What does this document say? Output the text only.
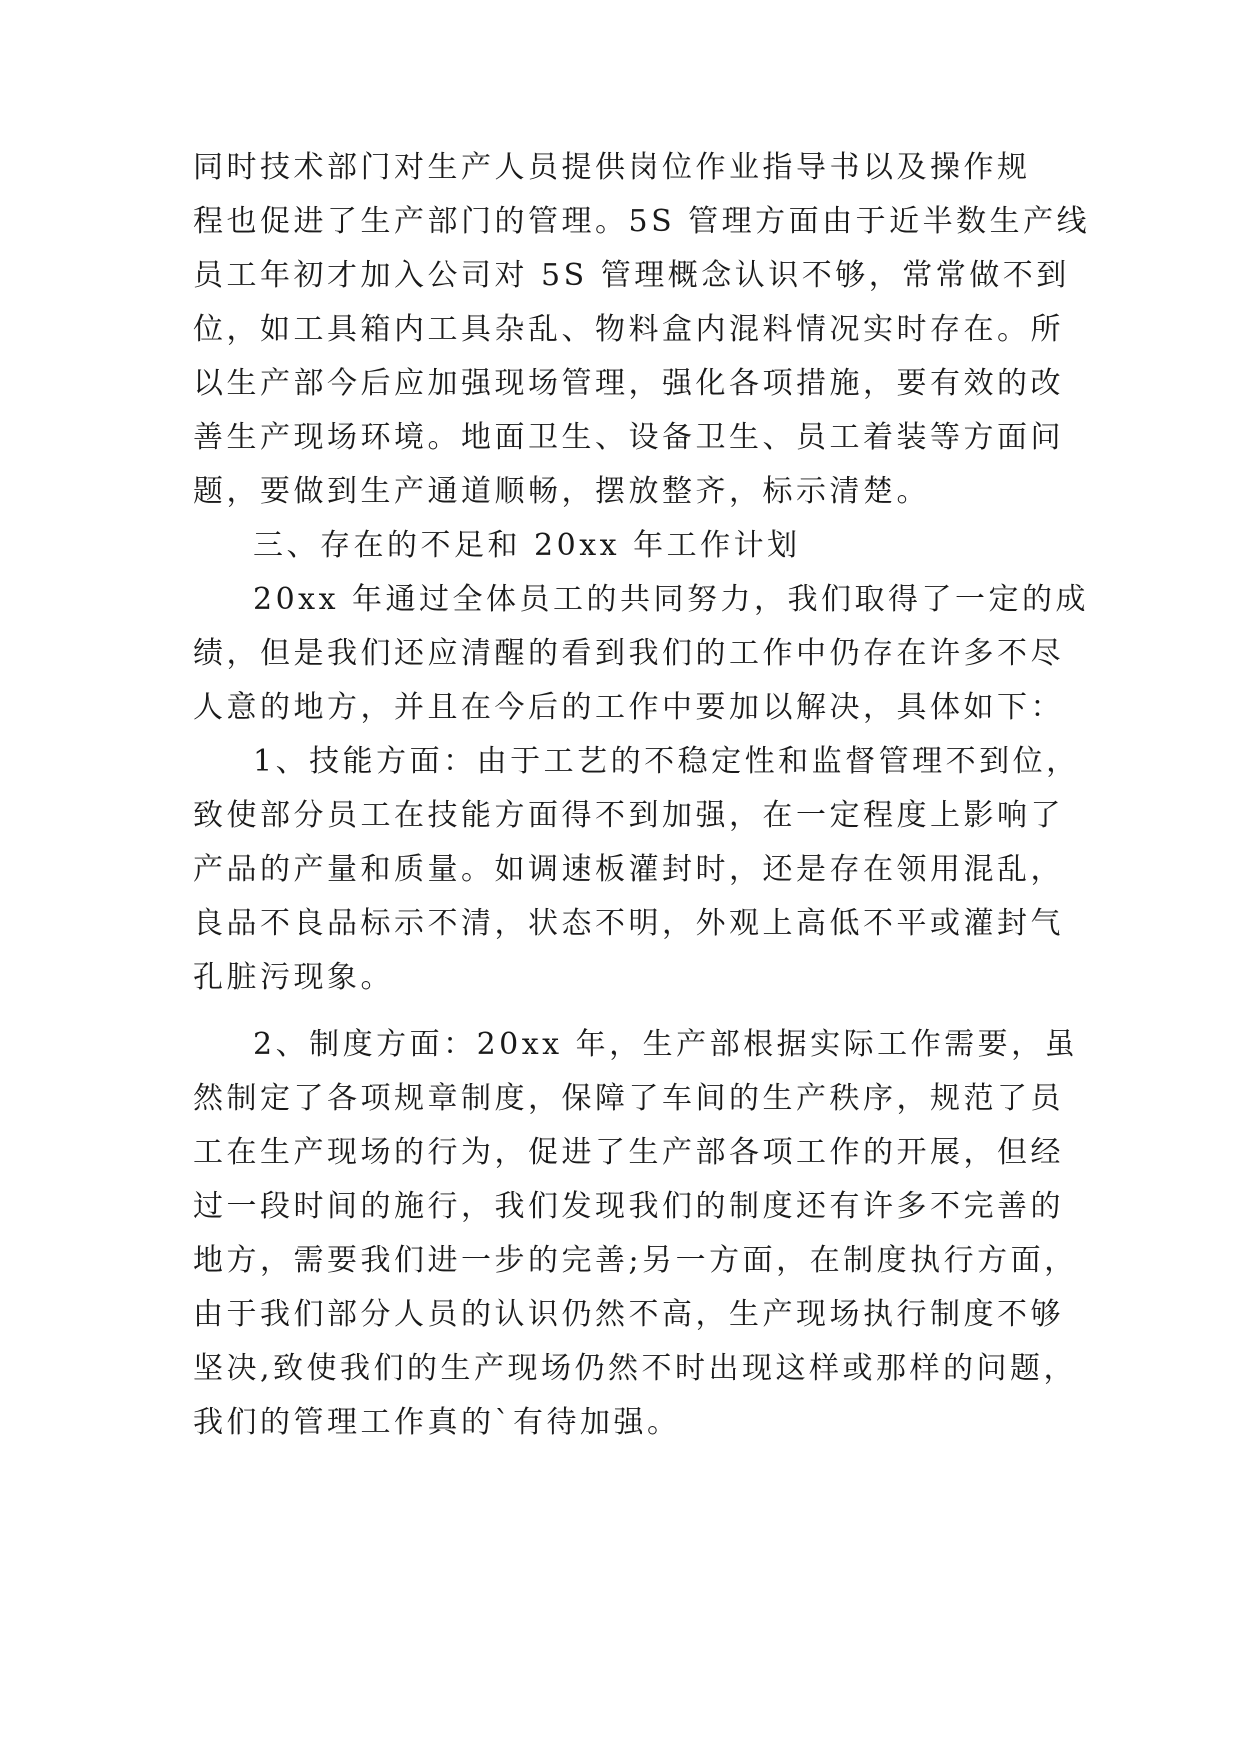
同时技术部门对生产人员提供岗位作业指导书以及操作规
程也促进了生产部门的管理。5S 管理方面由于近半数生产线
员工年初才加入公司对 5S 管理概念认识不够，常常做不到
位，如工具箱内工具杂乱、物料盒内混料情况实时存在。所
以生产部今后应加强现场管理，强化各项措施，要有效的改
善生产现场环境。地面卫生、设备卫生、员工着装等方面问
题，要做到生产通道顺畅，摆放整齐，标示清楚。
三、存在的不足和 20xx 年工作计划
20xx 年通过全体员工的共同努力，我们取得了一定的成
绩，但是我们还应清醒的看到我们的工作中仍存在许多不尽
人意的地方，并且在今后的工作中要加以解决，具体如下：
1、技能方面：由于工艺的不稳定性和监督管理不到位，
致使部分员工在技能方面得不到加强，在一定程度上影响了
产品的产量和质量。如调速板灌封时，还是存在领用混乱，
良品不良品标示不清，状态不明，外观上高低不平或灌封气
孔脏污现象。
2、制度方面：20xx 年，生产部根据实际工作需要，虽
然制定了各项规章制度，保障了车间的生产秩序，规范了员
工在生产现场的行为，促进了生产部各项工作的开展，但经
过一段时间的施行，我们发现我们的制度还有许多不完善的
地方，需要我们进一步的完善;另一方面，在制度执行方面，
由于我们部分人员的认识仍然不高，生产现场执行制度不够
坚决,致使我们的生产现场仍然不时出现这样或那样的问题，
我们的管理工作真的`有待加强。
